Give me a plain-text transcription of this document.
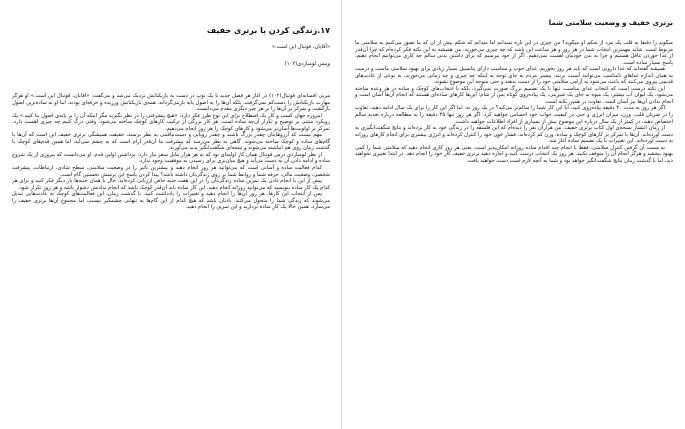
۱۷.زندگی کردن با برتری خفیف
«آقایان، فوتبال این است.»
وینس لومباردی(۱۰۲)

مربی افسانه‌ای فوتبال(۱۰۲) در آغاز هر فصل جدید با یک توپ در دست به بازیکنانش نزدیک می‌شد و می‌گفت: «آقایان، فوتبال این است.» او هرگز مهارت بازیکنانش را دست‌کم نمی‌گرفت، بلکه آن‌ها را به اصول پایه بازمی‌گرداند. همه‌ی بازیکنانش ورزیده و حرفه‌ای بودند، اما او به ساده‌ترین اصول بازگشت و تمرکز بر آن‌ها را بر هر چیز دیگری مقدم می‌دانست.

امروزه جهان کسب و کار یک اصطلاح برای این نوع طرز فکر دارد: «هیچ پیشرفتی را در نظر نگیرید مگر اینکه آن را بر پایه‌ی اصول بنا کنید.» یک رویکرد مبتنی بر توضیح و تکرار آن‌چه ساده است. هر کار بزرگی از ترکیب کارهای کوچک ساخته می‌شود. وقتی درک کنیم چه چیزی اهمیت دارد، تمرکز بر اولویت‌ها آسان‌تر می‌شود و کارهای کوچک را هر روز انجام می‌دهیم.

مهم نیست که آرزوهایتان چقدر بزرگ باشند و چقدر رویایی و دست‌نیافتنی به نظر برسند، حقیقت همیشگی برتری خفیف این است که آن‌ها با گام‌های ساده و کوچک ساخته می‌شوند. گاهی به نظر می‌رسد که پیشرفت ما آن‌قدر آرام است که به چشم نمی‌آید، اما همین قدم‌های کوچک با گذشت زمان روی هم انباشته می‌شوند و نتیجه‌ای شگفت‌انگیز پدید می‌آورند.

از نظر لومباردی درس فوتبال همان کار اولیه‌ای بود که به هر هزار مایل سفر نیاز دارد: برداشتن اولین قدم. او می‌دانست که پیروزی از یک شروع ساده و ادامه دادن آن به دست می‌آید و هیچ میان‌بری برای رسیدن به موفقیت وجود ندارد.

کدام فعالیت ساده و آسانی است که می‌توانید هر روز انجام دهید و بیشترین تأثیر را در وضعیت سلامتی، سطح شادی، ارتباطات، پیشرفت شخصی، وضعیت مالی، حرفه شما و روابط شما بر روی زندگی‌تان داشته باشد؟ پیدا کردن پاسخ این پرسش نخستین گام است.

پیش از این با انجام دادن یک تمرین ساده زندگی‌تان را در این هفت جنبه خاص ارزیابی کرده‌اید. حال با همان جنبه‌ها بار دیگر فکر کنید و برای هر کدام یک کار ساده بنویسید که می‌توانید روزانه انجام دهید. این کار ساده باید آن‌قدر کوچک باشد که انجام ندادنش دشوار باشد و هر روز تکرار شود.

پس از انتخاب این کارها، هر روز آن‌ها را انجام دهید و تغییرات را یادداشت کنید. با گذشت زمان، این فعالیت‌های کوچک به عادت‌هایی تبدیل می‌شوند که زندگی شما را متحول می‌کنند. یادتان باشد که هیچ کدام از این گام‌ها به تنهایی چشمگیر نیست، اما مجموع آن‌ها برتری خفیف را می‌سازد. همین حالا یک کار ساده بردارید و این تمرین را انجام دهید.

برتری خفیف و وضعیت سلامتی شما

میگوید را دقیقاً به قلب یک مرد از شکم او میگوید؟ من چیزی در این باره نمیدانم اما میدانم که شکم بیش از آن که ما تصور می‌کنیم به سلامتی ما مربوط است. شاید مهمترین انتخاب شما در هر روز و هر ساعت این باشد که چه چیزی می‌خورید. من همیشه به این نکته فکر کرده‌ام که چرا آن‌قدر از غذا خوردن غافل هستیم و چرا به بدن خودمان اهمیت نمی‌دهیم. اگر از خود بپرسیم که برای داشتن بدنی سالم چه کاری می‌توانیم انجام دهیم، پاسخ بسیار ساده است.

همیشه گفته‌اند که غذا دارویی است که باید هر روز بخوریم. غذای خوب و متناسب دارای پتانسیل بسیار زیادی برای بهبود سلامتی ماست و درست به همان اندازه غذاهای نامناسب می‌توانند آسیب بزنند. بیشتر مردم به جای توجه به اینکه چه چیزی و چه زمانی می‌خورند، به نوعی از عادت‌های قدیمی پیروی می‌کنند که باعث می‌شود به آرامی سلامتی خود را از دست بدهند و حتی متوجه این موضوع نشوند.

این نکته درست است که انتخاب غذای مناسب، تنها با یک تصمیم بزرگ صورت نمی‌گیرد، بلکه با انتخاب‌های کوچک و ساده در هر وعده ساخته می‌شود. یک لیوان آب بیشتر، یک میوه به جای یک شیرینی، یک پیاده‌روی کوتاه پس از شام؛ این‌ها کارهای ساده‌ای هستند که انجام آن‌ها آسان است و انجام ندادن آن‌ها نیز آسان است. تفاوت در همین نکته است.

اگر هر روز به مدت ۳۰ دقیقه پیاده‌روی کنید، آیا این کار شما را سالم‌تر می‌کند؟ در یک روز نه. اما اگر این کار را برای یک سال ادامه دهید، تفاوت را در ضربان قلب، وزن، میزان انرژی و حتی در کیفیت خواب خود احساس خواهید کرد. اگر هر روز تنها ۴۵ دقیقه را به مطالعه درباره تغذیه سالم اختصاص دهید، در کمتر از یک سال درباره این موضوع بیش از بسیاری از افراد اطلاعات خواهید داشت.

از زمان انتشار نسخه‌ی اول کتاب برتری خفیف، من هزاران نفر را دیده‌ام که این فلسفه را در زندگی خود به کار برده‌اند و نتایج شگفت‌انگیزی به دست آورده‌اند. آن‌ها با تمرکز بر کارهای کوچک و ساده، وزن کم کرده‌اند، فشار خون خود را کنترل کرده‌اند و انرژی بیشتری برای انجام کارهای روزانه به دست آورده‌اند. این تغییرات با یک تصمیم ساده آغاز شد.

به سمت آن گرفتن کنترل سلامتی، فقط با انجام چند اقدام ساده روزانه امکان‌پذیر است. یعنی هر روز کاری انجام دهید که سلامتی شما را کمی بهبود ببخشد و هرگز انجام آن را متوقف نکنید. هر روز یک انتخاب درست کنید و اجازه دهید برتری خفیف کار خود را انجام دهد. در ابتدا تغییری نخواهید دید، اما با گذشت زمان نتایج شگفت‌انگیز خواهد بود و شما به آنچه لازم است دست خواهید یافت.
